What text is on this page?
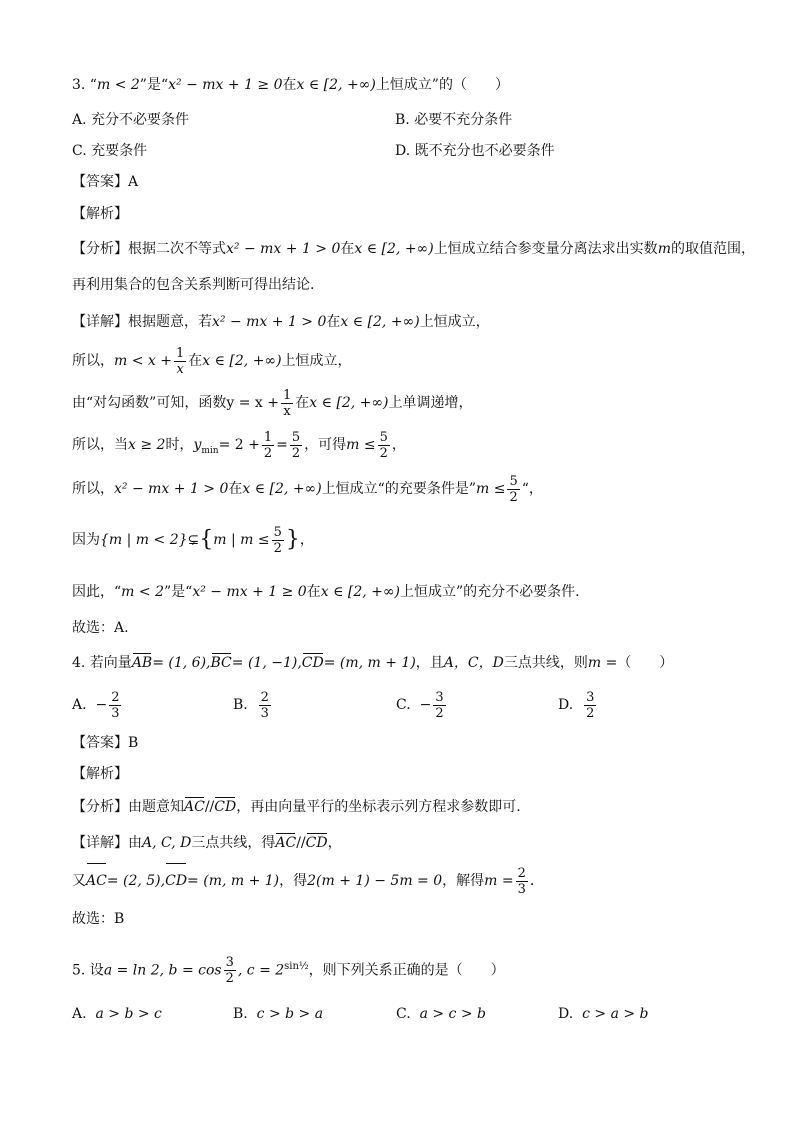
3. “m < 2”是“x² − mx + 1 ≥ 0在x ∈ [2, +∞)上恒成立”的（　　）
A. 充分不必要条件	B. 必要不充分条件
C. 充要条件	D. 既不充分也不必要条件
【答案】A
【解析】
【分析】根据二次不等式x² − mx + 1 > 0在x ∈ [2, +∞)上恒成立结合参变量分离法求出实数m的取值范围，
再利用集合的包含关系判断可得出结论.
【详解】根据题意，若x² − mx + 1 > 0在x ∈ [2, +∞)上恒成立，
所以，$m < x + \frac{1}{x}$ 在x ∈ [2, +∞)上恒成立，
由“对勾函数”可知，函数$y = x + \frac{1}{x}$ 在x ∈ [2, +∞)上单调递增，
所以，当x ≥ 2时，$y_{min}= 2 + \frac{1}{2} = \frac{5}{2}$ ，可得$m \le \frac{5}{2}$ ，
所以，x² − mx + 1 > 0在x ∈ [2, +∞)上恒成立“的充要条件是”m ≤ $\frac{5}{2}$ “，
因为{m | m < 2}⊊{m | $m \le \frac{5}{2}$ }，
因此，“m < 2”是“x² − mx + 1 ≥ 0在x ∈ [2, +∞)上恒成立”的充分不必要条件.
故选：A.
4. 若向量AB= (1, 6),BC= (1, −1),CD= (m, m + 1)，且A，C，D三点共线，则m =（　　）
A. − $\frac{2}{3}$	B. $\frac{2}{3}$	C. − $\frac{3}{2}$	D. $\frac{3}{2}$
【答案】B
【解析】
【分析】由题意知AC//CD，再由向量平行的坐标表示列方程求参数即可.
【详解】由A, C, D三点共线，得AC//CD，
又AC= (2, 5),CD= (m, m + 1)，得2(m + 1) − 5m = 0，解得$m = \frac{2}{3}$ .
故选：B
5. 设a = ln 2, $b = \cos \frac{3}{2}$ , $c = 2^{sin\frac{1}{2}}$，则下列关系正确的是（　　）
A. a > b > c	B. c > b > a	C. a > c > b	D. c > a > b
